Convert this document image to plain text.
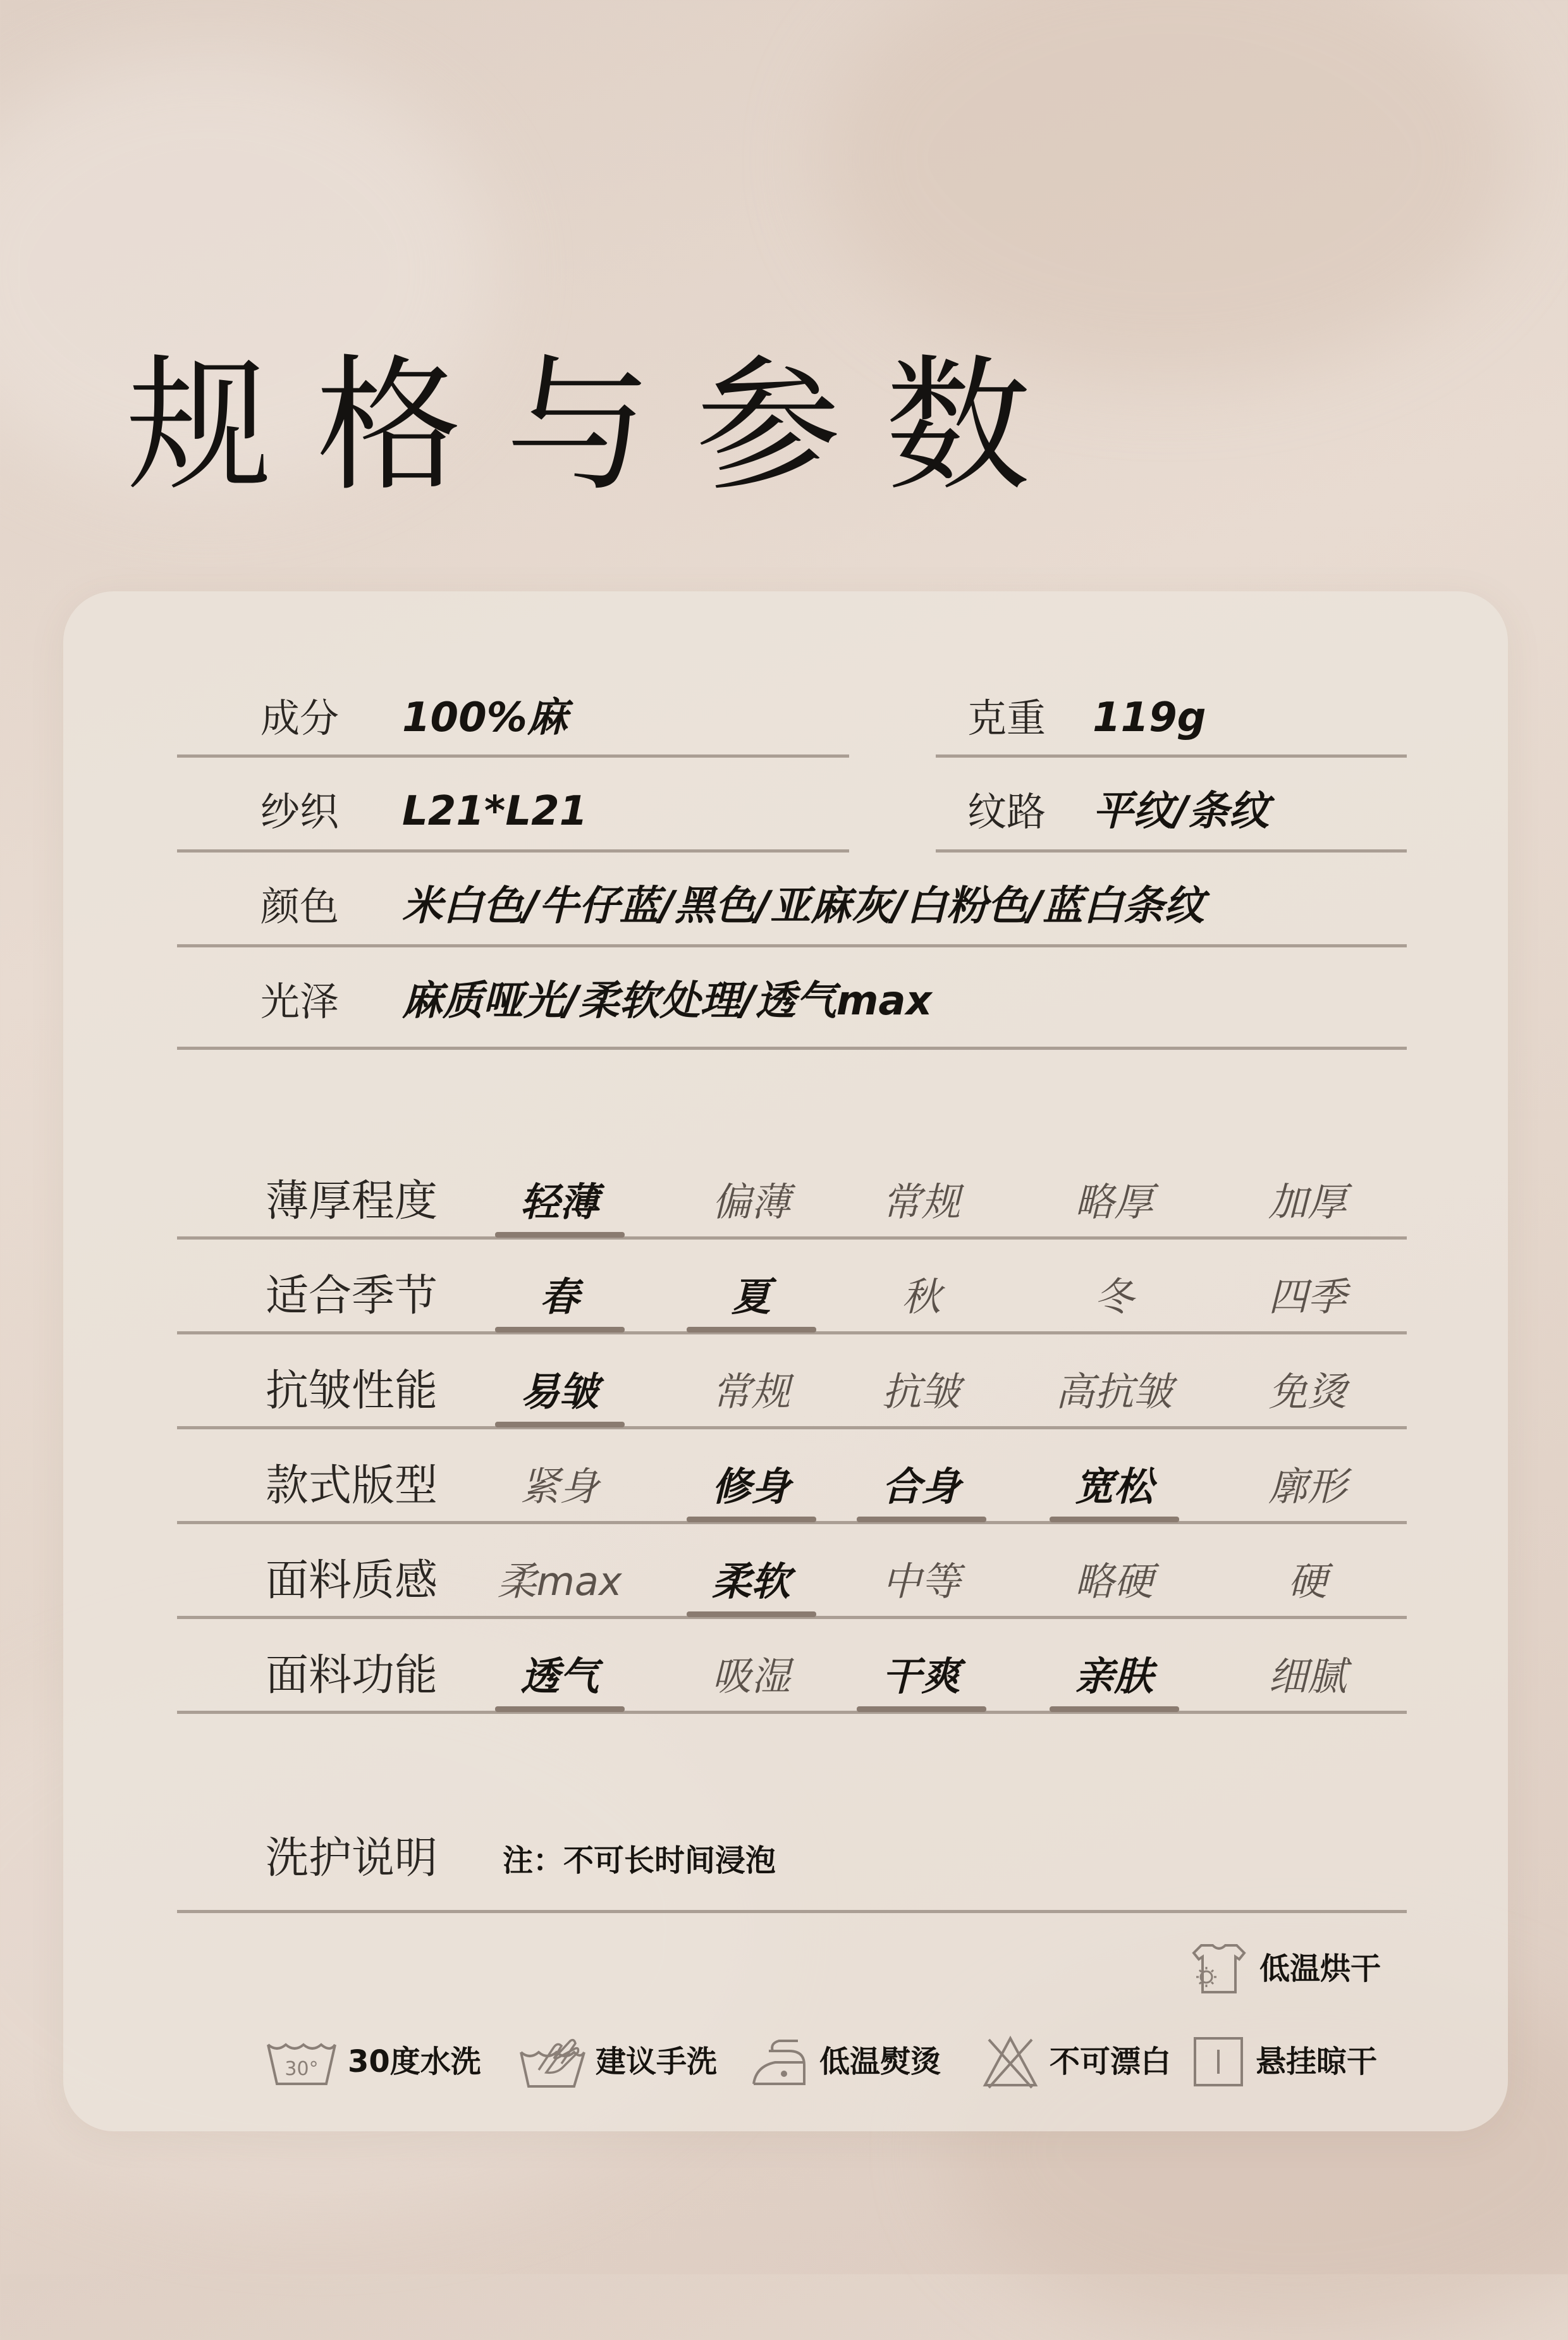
规格与参数
成分 100%麻	克重 119g
纱织 L21*L21	纹路 平纹/条纹
颜色 米白色/牛仔蓝/黑色/亚麻灰/白粉色/蓝白条纹
光泽 麻质哑光/柔软处理/透气max
薄厚程度	轻薄	偏薄	常规	略厚	加厚
适合季节	春	夏	秋	冬	四季
抗皱性能	易皱	常规	抗皱	高抗皱	免烫
款式版型	紧身	修身	合身	宽松	廓形
面料质感	柔max	柔软	中等	略硬	硬
面料功能	透气	吸湿	干爽	亲肤	细腻
洗护说明 注：不可长时间浸泡
低温烘干
30° 30度水洗	建议手洗	低温熨烫	不可漂白	悬挂晾干
